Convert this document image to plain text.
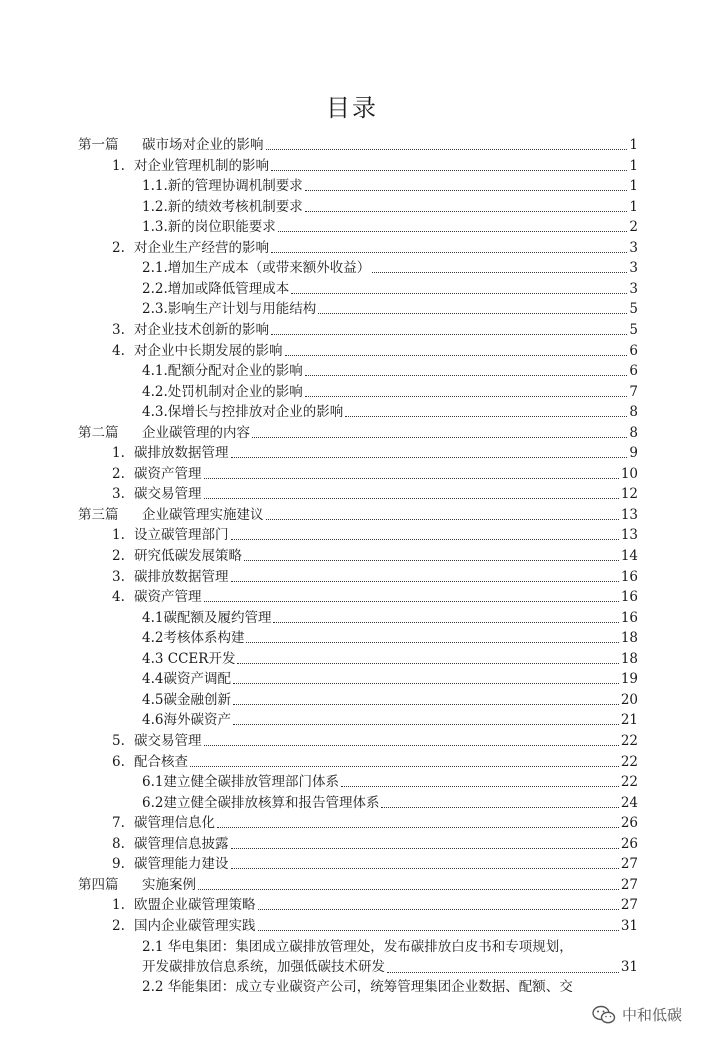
目录
第一篇	碳市场对企业的影响	1
1. 对企业管理机制的影响	1
1.1.新的管理协调机制要求	1
1.2.新的绩效考核机制要求	1
1.3.新的岗位职能要求	2
2. 对企业生产经营的影响	3
2.1.增加生产成本（或带来额外收益）	3
2.2.增加或降低管理成本	3
2.3.影响生产计划与用能结构	5
3. 对企业技术创新的影响	5
4. 对企业中长期发展的影响	6
4.1.配额分配对企业的影响	6
4.2.处罚机制对企业的影响	7
4.3.保增长与控排放对企业的影响	8
第二篇	企业碳管理的内容	8
1. 碳排放数据管理	9
2. 碳资产管理	10
3. 碳交易管理	12
第三篇	企业碳管理实施建议	13
1. 设立碳管理部门	13
2. 研究低碳发展策略	14
3. 碳排放数据管理	16
4. 碳资产管理	16
4.1碳配额及履约管理	16
4.2考核体系构建	18
4.3 CCER开发	18
4.4碳资产调配	19
4.5碳金融创新	20
4.6海外碳资产	21
5. 碳交易管理	22
6. 配合核查	22
6.1建立健全碳排放管理部门体系	22
6.2建立健全碳排放核算和报告管理体系	24
7. 碳管理信息化	26
8. 碳管理信息披露	26
9. 碳管理能力建设	27
第四篇	实施案例	27
1. 欧盟企业碳管理策略	27
2. 国内企业碳管理实践	31
2.1 华电集团：集团成立碳排放管理处，发布碳排放白皮书和专项规划，
开发碳排放信息系统，加强低碳技术研发	31
2.2 华能集团：成立专业碳资产公司，统筹管理集团企业数据、配额、交
中和低碳
